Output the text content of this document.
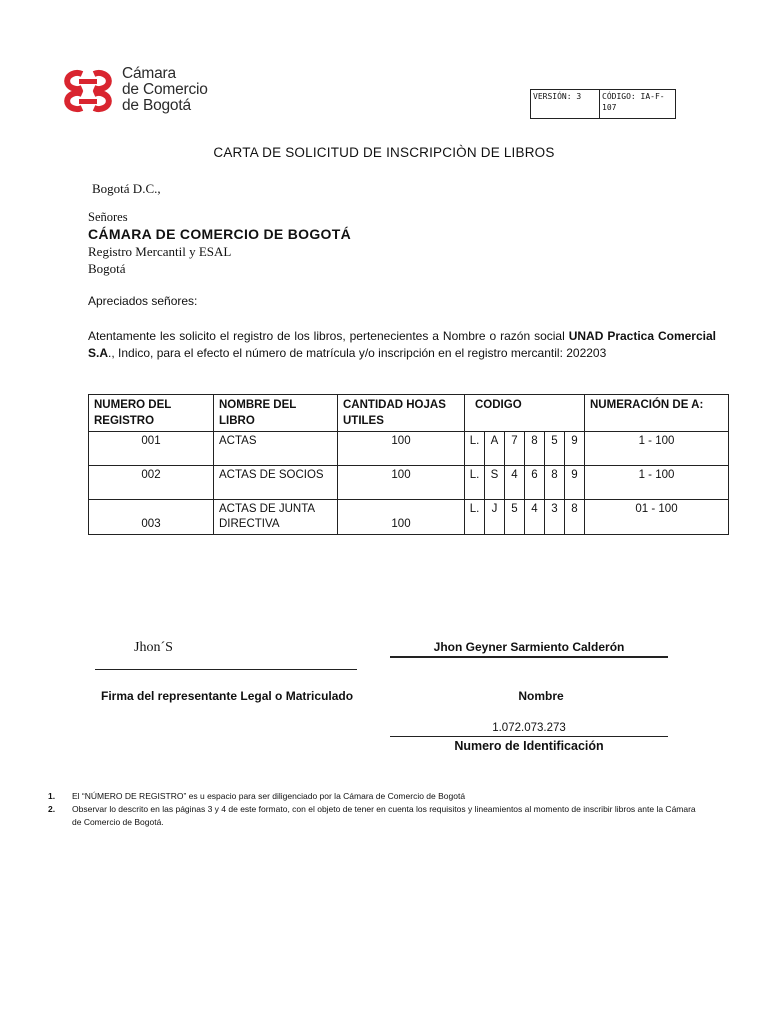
Cámara
de Comercio
de Bogotá
VERSIÓN: 3	CÓDIGO: IA-F-107
CARTA DE SOLICITUD DE INSCRIPCIÒN DE LIBROS
Bogotá D.C.,
Señores
CÁMARA DE COMERCIO DE BOGOTÁ
Registro Mercantil y ESAL
Bogotá
Apreciados señores:
Atentamente les solicito el registro de los libros, pertenecientes a Nombre o razón social UNAD Practica Comercial S.A., Indico, para el efecto el número de matrícula y/o inscripción en el registro mercantil: 202203
NUMERO DEL REGISTRO	NOMBRE DEL LIBRO	CANTIDAD HOJAS UTILES	CODIGO						NUMERACIÓN DE A:
001	ACTAS	100	L.	A	7	8	5	9	1 - 100
002	ACTAS DE SOCIOS	100	L.	S	4	6	8	9	1 - 100
003	ACTAS DE JUNTA DIRECTIVA	100	L.	J	5	4	3	8	01 - 100
Jhon´S
Firma del representante Legal o Matriculado
Jhon Geyner Sarmiento Calderón
Nombre
1.072.073.273
Numero de Identificación
1.	El “NÚMERO DE REGISTRO” es u espacio para ser diligenciado por la Cámara de Comercio de Bogotá
2.	Observar lo descrito en las páginas 3 y 4 de este formato, con el objeto de tener en cuenta los requisitos y lineamientos al momento de inscribir libros ante la Cámara de Comercio de Bogotá.
